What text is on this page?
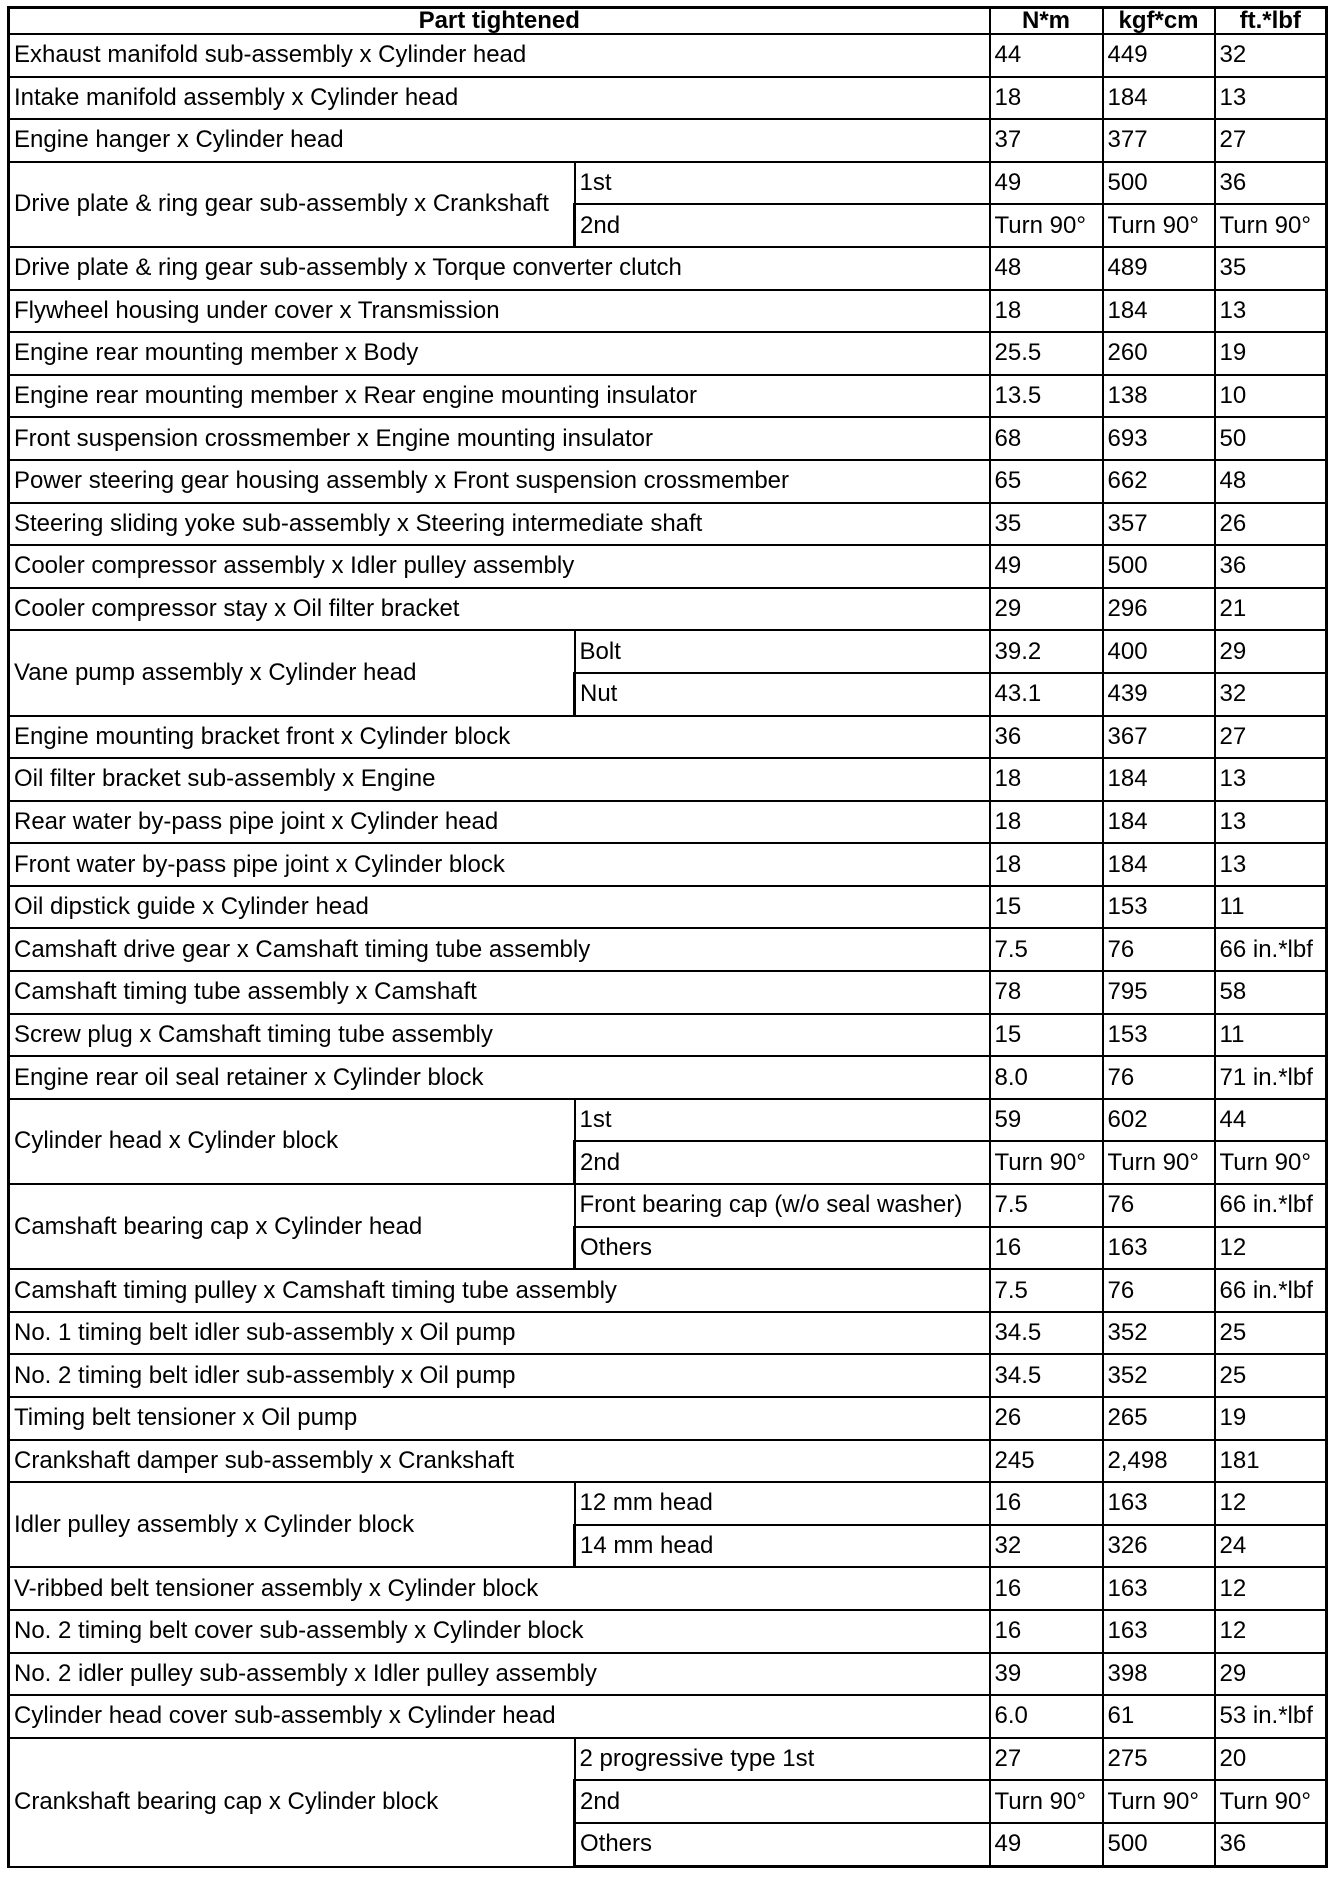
Part tightened		N*m	kgf*cm	ft.*lbf
Exhaust manifold sub-assembly x Cylinder head		44	449	32
Intake manifold assembly x Cylinder head		18	184	13
Engine hanger x Cylinder head		37	377	27
Drive plate & ring gear sub-assembly x Crankshaft	1st	49	500	36
	2nd	Turn 90°	Turn 90°	Turn 90°
Drive plate & ring gear sub-assembly x Torque converter clutch		48	489	35
Flywheel housing under cover x Transmission		18	184	13
Engine rear mounting member x Body		25.5	260	19
Engine rear mounting member x Rear engine mounting insulator		13.5	138	10
Front suspension crossmember x Engine mounting insulator		68	693	50
Power steering gear housing assembly x Front suspension crossmember		65	662	48
Steering sliding yoke sub-assembly x Steering intermediate shaft		35	357	26
Cooler compressor assembly x Idler pulley assembly		49	500	36
Cooler compressor stay x Oil filter bracket		29	296	21
Vane pump assembly x Cylinder head	Bolt	39.2	400	29
	Nut	43.1	439	32
Engine mounting bracket front x Cylinder block		36	367	27
Oil filter bracket sub-assembly x Engine		18	184	13
Rear water by-pass pipe joint x Cylinder head		18	184	13
Front water by-pass pipe joint x Cylinder block		18	184	13
Oil dipstick guide x Cylinder head		15	153	11
Camshaft drive gear x Camshaft timing tube assembly		7.5	76	66 in.*lbf
Camshaft timing tube assembly x Camshaft		78	795	58
Screw plug x Camshaft timing tube assembly		15	153	11
Engine rear oil seal retainer x Cylinder block		8.0	76	71 in.*lbf
Cylinder head x Cylinder block	1st	59	602	44
	2nd	Turn 90°	Turn 90°	Turn 90°
Camshaft bearing cap x Cylinder head	Front bearing cap (w/o seal washer)	7.5	76	66 in.*lbf
	Others	16	163	12
Camshaft timing pulley x Camshaft timing tube assembly		7.5	76	66 in.*lbf
No. 1 timing belt idler sub-assembly x Oil pump		34.5	352	25
No. 2 timing belt idler sub-assembly x Oil pump		34.5	352	25
Timing belt tensioner x Oil pump		26	265	19
Crankshaft damper sub-assembly x Crankshaft		245	2,498	181
Idler pulley assembly x Cylinder block	12 mm head	16	163	12
	14 mm head	32	326	24
V-ribbed belt tensioner assembly x Cylinder block		16	163	12
No. 2 timing belt cover sub-assembly x Cylinder block		16	163	12
No. 2 idler pulley sub-assembly x Idler pulley assembly		39	398	29
Cylinder head cover sub-assembly x Cylinder head		6.0	61	53 in.*lbf
Crankshaft bearing cap x Cylinder block	2 progressive type 1st	27	275	20
	2nd	Turn 90°	Turn 90°	Turn 90°
	Others	49	500	36
